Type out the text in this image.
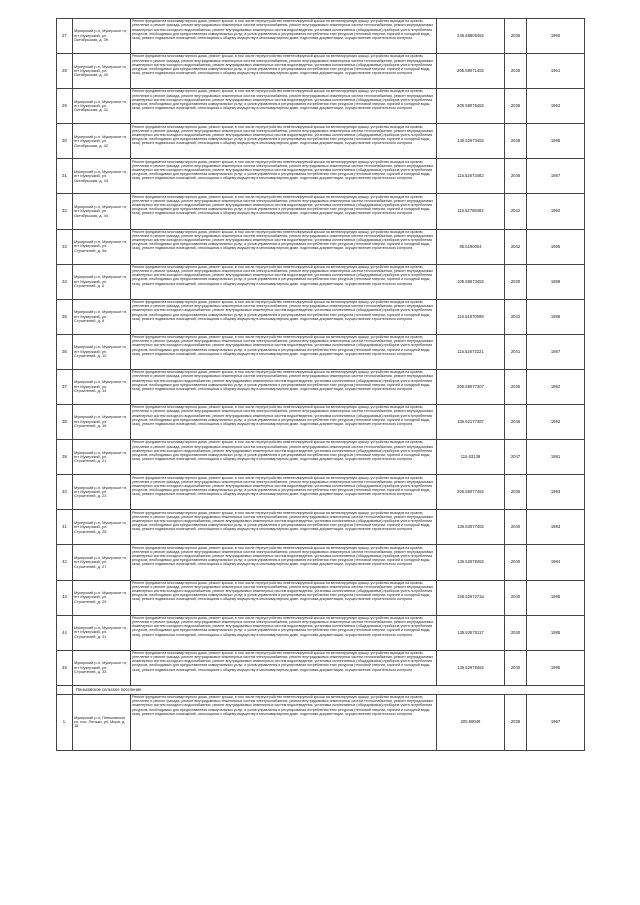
27	Мукерский р-н, Мукерское гп, пгт Мукерский, ул. Октябрьская, д. 39	Ремонт фундамента многоквартирного дома, ремонт крыши, в том числе переустройство невентилируемой крыши на вентилируемую крышу, устройство выходов на кровлю, утепление и ремонт фасада, ремонт внутридомовых инженерных систем электроснабжения, ремонт внутридомовых инженерных систем теплоснабжения, ремонт внутридомовых инженерных систем холодного водоснабжения, ремонт внутридомовых инженерных систем водоотведения, установка коллективных (общедомовых) приборов учета потребления ресурсов, необходимых для предоставления коммунальных услуг, и узлов управления и регулирования потребления этих ресурсов (тепловой энергии, горячей и холодной воды, газа), ремонт подвальных помещений, относящихся к общему имуществу в многоквартирном доме, подготовка документации, осуществление строительного контроля	246.68805482	2035	1960
28	Мукерский р-н, Мукерское гп, пгт Мукерский, ул. Октябрьская, д. 40	Ремонт фундамента многоквартирного дома, ремонт крыши, в том числе переустройство невентилируемой крыши на вентилируемую крышу, устройство выходов на кровлю, утепление и ремонт фасада, ремонт внутридомовых инженерных систем электроснабжения, ремонт внутридомовых инженерных систем теплоснабжения, ремонт внутридомовых инженерных систем холодного водоснабжения, ремонт внутридомовых инженерных систем водоотведения, установка коллективных (общедомовых) приборов учета потребления ресурсов, необходимых для предоставления коммунальных услуг, и узлов управления и регулирования потребления этих ресурсов (тепловой энергии, горячей и холодной воды, газа), ремонт подвальных помещений, относящихся к общему имуществу в многоквартирном доме, подготовка документации, осуществление строительного контроля	205.58071482	2035	1961
29	Мукерский р-н, Мукерское гп, пгт Мукерский, ул. Октябрьская, д. 41	Ремонт фундамента многоквартирного дома, ремонт крыши, в том числе переустройство невентилируемой крыши на вентилируемую крышу, устройство выходов на кровлю, утепление и ремонт фасада, ремонт внутридомовых инженерных систем электроснабжения, ремонт внутридомовых инженерных систем теплоснабжения, ремонт внутридомовых инженерных систем холодного водоснабжения, ремонт внутридомовых инженерных систем водоотведения, установка коллективных (общедомовых) приборов учета потребления ресурсов, необходимых для предоставления коммунальных услуг, и узлов управления и регулирования потребления этих ресурсов (тепловой энергии, горячей и холодной воды, газа), ремонт подвальных помещений, относящихся к общему имуществу в многоквартирном доме, подготовка документации, осуществление строительного контроля	205.58075482	2036	1962
30	Мукерский р-н, Мукерское гп, пгт Мукерский, ул. Октябрьская, д. 42	Ремонт фундамента многоквартирного дома, ремонт крыши, в том числе переустройство невентилируемой крыши на вентилируемую крышу, устройство выходов на кровлю, утепление и ремонт фасада, ремонт внутридомовых инженерных систем электроснабжения, ремонт внутридомовых инженерных систем теплоснабжения, ремонт внутридомовых инженерных систем холодного водоснабжения, ремонт внутридомовых инженерных систем водоотведения, установка коллективных (общедомовых) приборов учета потребления ресурсов, необходимых для предоставления коммунальных услуг, и узлов управления и регулирования потребления этих ресурсов (тепловой энергии, горячей и холодной воды, газа), ремонт подвальных помещений, относящихся к общему имуществу в многоквартирном доме, подготовка документации, осуществление строительного контроля	135.52673482	2048	1985
31	Мукерский р-н, Мукерское гп, пгт Мукерский, ул. Октябрьская, д. 43	Ремонт фундамента многоквартирного дома, ремонт крыши, в том числе переустройство невентилируемой крыши на вентилируемую крышу, устройство выходов на кровлю, утепление и ремонт фасада, ремонт внутридомовых инженерных систем электроснабжения, ремонт внутридомовых инженерных систем теплоснабжения, ремонт внутридомовых инженерных систем холодного водоснабжения, ремонт внутридомовых инженерных систем водоотведения, установка коллективных (общедомовых) приборов учета потребления ресурсов, необходимых для предоставления коммунальных услуг, и узлов управления и регулирования потребления этих ресурсов (тепловой энергии, горячей и холодной воды, газа), ремонт подвальных помещений, относящихся к общему имуществу в многоквартирном доме, подготовка документации, осуществление строительного контроля	115.52673482	2048	1987
32	Мукерский р-н, Мукерское гп, пгт Мукерский, ул. Октябрьская, д. 44	Ремонт фундамента многоквартирного дома, ремонт крыши, в том числе переустройство невентилируемой крыши на вентилируемую крышу, устройство выходов на кровлю, утепление и ремонт фасада, ремонт внутридомовых инженерных систем электроснабжения, ремонт внутридомовых инженерных систем теплоснабжения, ремонт внутридомовых инженерных систем холодного водоснабжения, ремонт внутридомовых инженерных систем водоотведения, установка коллективных (общедомовых) приборов учета потребления ресурсов, необходимых для предоставления коммунальных услуг, и узлов управления и регулирования потребления этих ресурсов (тепловой энергии, горячей и холодной воды, газа), ремонт подвальных помещений, относящихся к общему имуществу в многоквартирном доме, подготовка документации, осуществление строительного контроля	115.52788482	2042	1992
33	Мукерский р-н, Мукерское гп, пгт Мукерский, ул. Строителей, д. 5а	Ремонт фундамента многоквартирного дома, ремонт крыши, в том числе переустройство невентилируемой крыши на вентилируемую крышу, устройство выходов на кровлю, утепление и ремонт фасада, ремонт внутридомовых инженерных систем электроснабжения, ремонт внутридомовых инженерных систем теплоснабжения, ремонт внутридомовых инженерных систем холодного водоснабжения, ремонт внутридомовых инженерных систем водоотведения, установка коллективных (общедомовых) приборов учета потребления ресурсов, необходимых для предоставления коммунальных услуг, и узлов управления и регулирования потребления этих ресурсов (тепловой энергии, горячей и холодной воды, газа), ремонт подвальных помещений, относящихся к общему имуществу в многоквартирном доме, подготовка документации, осуществление строительного контроля	95.5190004	2042	1995
34	Мукерский р-н, Мукерское гп, пгт Мукерский, ул. Строителей, д. 6	Ремонт фундамента многоквартирного дома, ремонт крыши, в том числе переустройство невентилируемой крыши на вентилируемую крышу, устройство выходов на кровлю, утепление и ремонт фасада, ремонт внутридомовых инженерных систем электроснабжения, ремонт внутридомовых инженерных систем теплоснабжения, ремонт внутридомовых инженерных систем холодного водоснабжения, ремонт внутридомовых инженерных систем водоотведения, установка коллективных (общедомовых) приборов учета потребления ресурсов, необходимых для предоставления коммунальных услуг, и узлов управления и регулирования потребления этих ресурсов (тепловой энергии, горячей и холодной воды, газа), ремонт подвальных помещений, относящихся к общему имуществу в многоквартирном доме, подготовка документации, осуществление строительного контроля	105.58673482	2030	1989
35	Мукерский р-н, Мукерское гп, пгт Мукерский, ул. Строителей, д. 8	Ремонт фундамента многоквартирного дома, ремонт крыши, в том числе переустройство невентилируемой крыши на вентилируемую крышу, устройство выходов на кровлю, утепление и ремонт фасада, ремонт внутридомовых инженерных систем электроснабжения, ремонт внутридомовых инженерных систем теплоснабжения, ремонт внутридомовых инженерных систем холодного водоснабжения, ремонт внутридомовых инженерных систем водоотведения, установка коллективных (общедомовых) приборов учета потребления ресурсов, необходимых для предоставления коммунальных услуг, и узлов управления и регулирования потребления этих ресурсов (тепловой энергии, горячей и холодной воды, газа), ремонт подвальных помещений, относящихся к общему имуществу в многоквартирном доме, подготовка документации, осуществление строительного контроля	115.51870099	2042	1986
36	Мукерский р-н, Мукерское гп, пгт Мукерский, ул. Строителей, д. 10	Ремонт фундамента многоквартирного дома, ремонт крыши, в том числе переустройство невентилируемой крыши на вентилируемую крышу, устройство выходов на кровлю, утепление и ремонт фасада, ремонт внутридомовых инженерных систем электроснабжения, ремонт внутридомовых инженерных систем теплоснабжения, ремонт внутридомовых инженерных систем холодного водоснабжения, ремонт внутридомовых инженерных систем водоотведения, установка коллективных (общедомовых) приборов учета потребления ресурсов, необходимых для предоставления коммунальных услуг, и узлов управления и регулирования потребления этих ресурсов (тепловой энергии, горячей и холодной воды, газа), ремонт подвальных помещений, относящихся к общему имуществу в многоквартирном доме, подготовка документации, осуществление строительного контроля	115.52673221	2041	1987
37	Мукерский р-н, Мукерское гп, пгт Мукерский, ул. Строителей, д. 14	Ремонт фундамента многоквартирного дома, ремонт крыши, в том числе переустройство невентилируемой крыши на вентилируемую крышу, устройство выходов на кровлю, утепление и ремонт фасада, ремонт внутридомовых инженерных систем электроснабжения, ремонт внутридомовых инженерных систем теплоснабжения, ремонт внутридомовых инженерных систем холодного водоснабжения, ремонт внутридомовых инженерных систем водоотведения, установка коллективных (общедомовых) приборов учета потребления ресурсов, необходимых для предоставления коммунальных услуг, и узлов управления и регулирования потребления этих ресурсов (тепловой энергии, горячей и холодной воды, газа), ремонт подвальных помещений, относящихся к общему имуществу в многоквартирном доме, подготовка документации, осуществление строительного контроля	205.58077307	2035	1982
38	Мукерский р-н, Мукерское гп, пгт Мукерский, ул. Строителей, д. 16	Ремонт фундамента многоквартирного дома, ремонт крыши, в том числе переустройство невентилируемой крыши на вентилируемую крышу, устройство выходов на кровлю, утепление и ремонт фасада, ремонт внутридомовых инженерных систем электроснабжения, ремонт внутридомовых инженерных систем теплоснабжения, ремонт внутридомовых инженерных систем холодного водоснабжения, ремонт внутридомовых инженерных систем водоотведения, установка коллективных (общедомовых) приборов учета потребления ресурсов, необходимых для предоставления коммунальных услуг, и узлов управления и регулирования потребления этих ресурсов (тепловой энергии, горячей и холодной воды, газа), ремонт подвальных помещений, относящихся к общему имуществу в многоквартирном доме, подготовка документации, осуществление строительного контроля	135.52177387	2046	1982
39	Мукерский р-н, Мукерское гп, пгт Мукерский, ул. Строителей, д. 21	Ремонт фундамента многоквартирного дома, ремонт крыши, в том числе переустройство невентилируемой крыши на вентилируемую крышу, устройство выходов на кровлю, утепление и ремонт фасада, ремонт внутридомовых инженерных систем электроснабжения, ремонт внутридомовых инженерных систем теплоснабжения, ремонт внутридомовых инженерных систем холодного водоснабжения, ремонт внутридомовых инженерных систем водоотведения, установка коллективных (общедомовых) приборов учета потребления ресурсов, необходимых для предоставления коммунальных услуг, и узлов управления и регулирования потребления этих ресурсов (тепловой энергии, горячей и холодной воды, газа), ремонт подвальных помещений, относящихся к общему имуществу в многоквартирном доме, подготовка документации, осуществление строительного контроля	115.53139	2047	1981
40	Мукерский р-н, Мукерское гп, пгт Мукерский, ул. Строителей, д. 23	Ремонт фундамента многоквартирного дома, ремонт крыши, в том числе переустройство невентилируемой крыши на вентилируемую крышу, устройство выходов на кровлю, утепление и ремонт фасада, ремонт внутридомовых инженерных систем электроснабжения, ремонт внутридомовых инженерных систем теплоснабжения, ремонт внутридомовых инженерных систем холодного водоснабжения, ремонт внутридомовых инженерных систем водоотведения, установка коллективных (общедомовых) приборов учета потребления ресурсов, необходимых для предоставления коммунальных услуг, и узлов управления и регулирования потребления этих ресурсов (тепловой энергии, горячей и холодной воды, газа), ремонт подвальных помещений, относящихся к общему имуществу в многоквартирном доме, подготовка документации, осуществление строительного контроля	205.58077482	2035	1983
41	Мукерский р-н, Мукерское гп, пгт Мукерский, ул. Строителей, д. 25	Ремонт фундамента многоквартирного дома, ремонт крыши, в том числе переустройство невентилируемой крыши на вентилируемую крышу, устройство выходов на кровлю, утепление и ремонт фасада, ремонт внутридомовых инженерных систем электроснабжения, ремонт внутридомовых инженерных систем теплоснабжения, ремонт внутридомовых инженерных систем холодного водоснабжения, ремонт внутридомовых инженерных систем водоотведения, установка коллективных (общедомовых) приборов учета потребления ресурсов, необходимых для предоставления коммунальных услуг, и узлов управления и регулирования потребления этих ресурсов (тепловой энергии, горячей и холодной воды, газа), ремонт подвальных помещений, относящихся к общему имуществу в многоквартирном доме, подготовка документации, осуществление строительного контроля	135.53077482	2040	1983
42	Мукерский р-н, Мукерское гп, пгт Мукерский, ул. Строителей, д. 27	Ремонт фундамента многоквартирного дома, ремонт крыши, в том числе переустройство невентилируемой крыши на вентилируемую крышу, устройство выходов на кровлю, утепление и ремонт фасада, ремонт внутридомовых инженерных систем электроснабжения, ремонт внутридомовых инженерных систем теплоснабжения, ремонт внутридомовых инженерных систем холодного водоснабжения, ремонт внутридомовых инженерных систем водоотведения, установка коллективных (общедомовых) приборов учета потребления ресурсов, необходимых для предоставления коммунальных услуг, и узлов управления и регулирования потребления этих ресурсов (тепловой энергии, горячей и холодной воды, газа), ремонт подвальных помещений, относящихся к общему имуществу в многоквартирном доме, подготовка документации, осуществление строительного контроля	135.52678482	2040	1984
43	Мукерский р-н, Мукерское гп, пгт Мукерский, ул. Строителей, д. 29	Ремонт фундамента многоквартирного дома, ремонт крыши, в том числе переустройство невентилируемой крыши на вентилируемую крышу, устройство выходов на кровлю, утепление и ремонт фасада, ремонт внутридомовых инженерных систем электроснабжения, ремонт внутридомовых инженерных систем теплоснабжения, ремонт внутридомовых инженерных систем холодного водоснабжения, ремонт внутридомовых инженерных систем водоотведения, установка коллективных (общедомовых) приборов учета потребления ресурсов, необходимых для предоставления коммунальных услуг, и узлов управления и регулирования потребления этих ресурсов (тепловой энергии, горячей и холодной воды, газа), ремонт подвальных помещений, относящихся к общему имуществу в многоквартирном доме, подготовка документации, осуществление строительного контроля	156.5267273а	2040	1985
44	Мукерский р-н, Мукерское гп, пгт Мукерский, ул. Строителей, д. 31	Ремонт фундамента многоквартирного дома, ремонт крыши, в том числе переустройство невентилируемой крыши на вентилируемую крышу, устройство выходов на кровлю, утепление и ремонт фасада, ремонт внутридомовых инженерных систем электроснабжения, ремонт внутридомовых инженерных систем теплоснабжения, ремонт внутридомовых инженерных систем холодного водоснабжения, ремонт внутридомовых инженерных систем водоотведения, установка коллективных (общедомовых) приборов учета потребления ресурсов, необходимых для предоставления коммунальных услуг, и узлов управления и регулирования потребления этих ресурсов (тепловой энергии, горячей и холодной воды, газа), ремонт подвальных помещений, относящихся к общему имуществу в многоквартирном доме, подготовка документации, осуществление строительного контроля	135.52675117	2040	1985
45	Мукерский р-н, Мукерское гп, пгт Мукерский, ул. Строителей, д. 33	Ремонт фундамента многоквартирного дома, ремонт крыши, в том числе переустройство невентилируемой крыши на вентилируемую крышу, устройство выходов на кровлю, утепление и ремонт фасада, ремонт внутридомовых инженерных систем электроснабжения, ремонт внутридомовых инженерных систем теплоснабжения, ремонт внутридомовых инженерных систем холодного водоснабжения, ремонт внутридомовых инженерных систем водоотведения, установка коллективных (общедомовых) приборов учета потребления ресурсов, необходимых для предоставления коммунальных услуг, и узлов управления и регулирования потребления этих ресурсов (тепловой энергии, горячей и холодной воды, газа), ремонт подвальных помещений, относящихся к общему имуществу в многоквартирном доме, подготовка документации, осуществление строительного контроля	135.52678482	2040	1985
	Пеньковское сельское поселение				
1.	Мукерский р-н, Пеньковское сп, пос. Пеньки, ул. Мира, д. 16	Ремонт фундамента многоквартирного дома, ремонт крыши, в том числе переустройство невентилируемой крыши на вентилируемую крышу, устройство выходов на кровлю, утепление и ремонт фасада, ремонт внутридомовых инженерных систем электроснабжения, ремонт внутридомовых инженерных систем теплоснабжения, ремонт внутридомовых инженерных систем холодного водоснабжения, ремонт внутридомовых инженерных систем водоотведения, установка коллективных (общедомовых) приборов учета потребления ресурсов, необходимых для предоставления коммунальных услуг, и узлов управления и регулирования потребления этих ресурсов (тепловой энергии, горячей и холодной воды, газа), ремонт подвальных помещений, относящихся к общему имуществу в многоквартирном доме, подготовка документации, осуществление строительного контроля	205.58049	2039	1967
